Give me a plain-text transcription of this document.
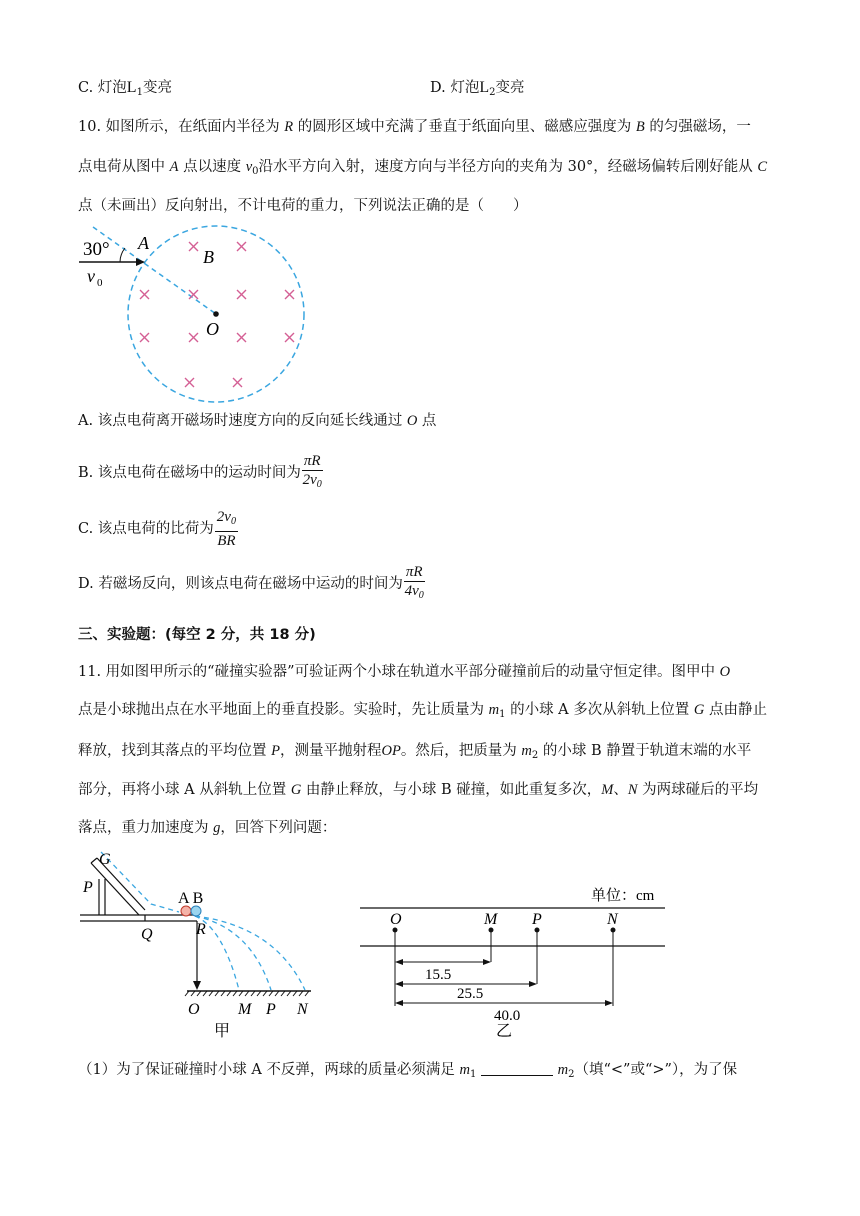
C. 灯泡$L_1$变亮	D. 灯泡$L_2$变亮
10. 如图所示，在纸面内半径为 R 的圆形区域中充满了垂直于纸面向里、磁感应强度为 B 的匀强磁场，一
点电荷从图中 A 点以速度 $v_0$沿水平方向入射，速度方向与半径方向的夹角为 30°，经磁场偏转后刚好能从 C
点（未画出）反向射出，不计电荷的重力，下列说法正确的是（　　）
30° A
B
O
v 0
A. 该点电荷离开磁场时速度方向的反向延长线通过 O 点
B. 该点电荷在磁场中的运动时间为 $\frac{\pi R}{2v_0}$
C. 该点电荷的比荷为 $\frac{2v_0}{BR}$
D. 若磁场反向，则该点电荷在磁场中运动的时间为 $\frac{\pi R}{4v_0}$
三、实验题：(每空 2 分，共 18 分)
11. 用如图甲所示的“碰撞实验器”可验证两个小球在轨道水平部分碰撞前后的动量守恒定律。图甲中 O
点是小球抛出点在水平地面上的垂直投影。实验时，先让质量为 $m_1$ 的小球 A 多次从斜轨上位置 G 点由静止
释放，找到其落点的平均位置 P，测量平抛射程OP。然后，把质量为 $m_2$ 的小球 B 静置于轨道末端的水平
部分，再将小球 A 从斜轨上位置 G 由静止释放，与小球 B 碰撞，如此重复多次，M、N 为两球碰后的平均
落点，重力加速度为 g，回答下列问题：
G
P
Q
A B
R
O M P N
甲
单位：cm
O	M P	N
15.5
25.5
40.0
乙
（1）为了保证碰撞时小球 A 不反弹，两球的质量必须满足 $m_1$	$m_2$（填“<”或“>”），为了保
